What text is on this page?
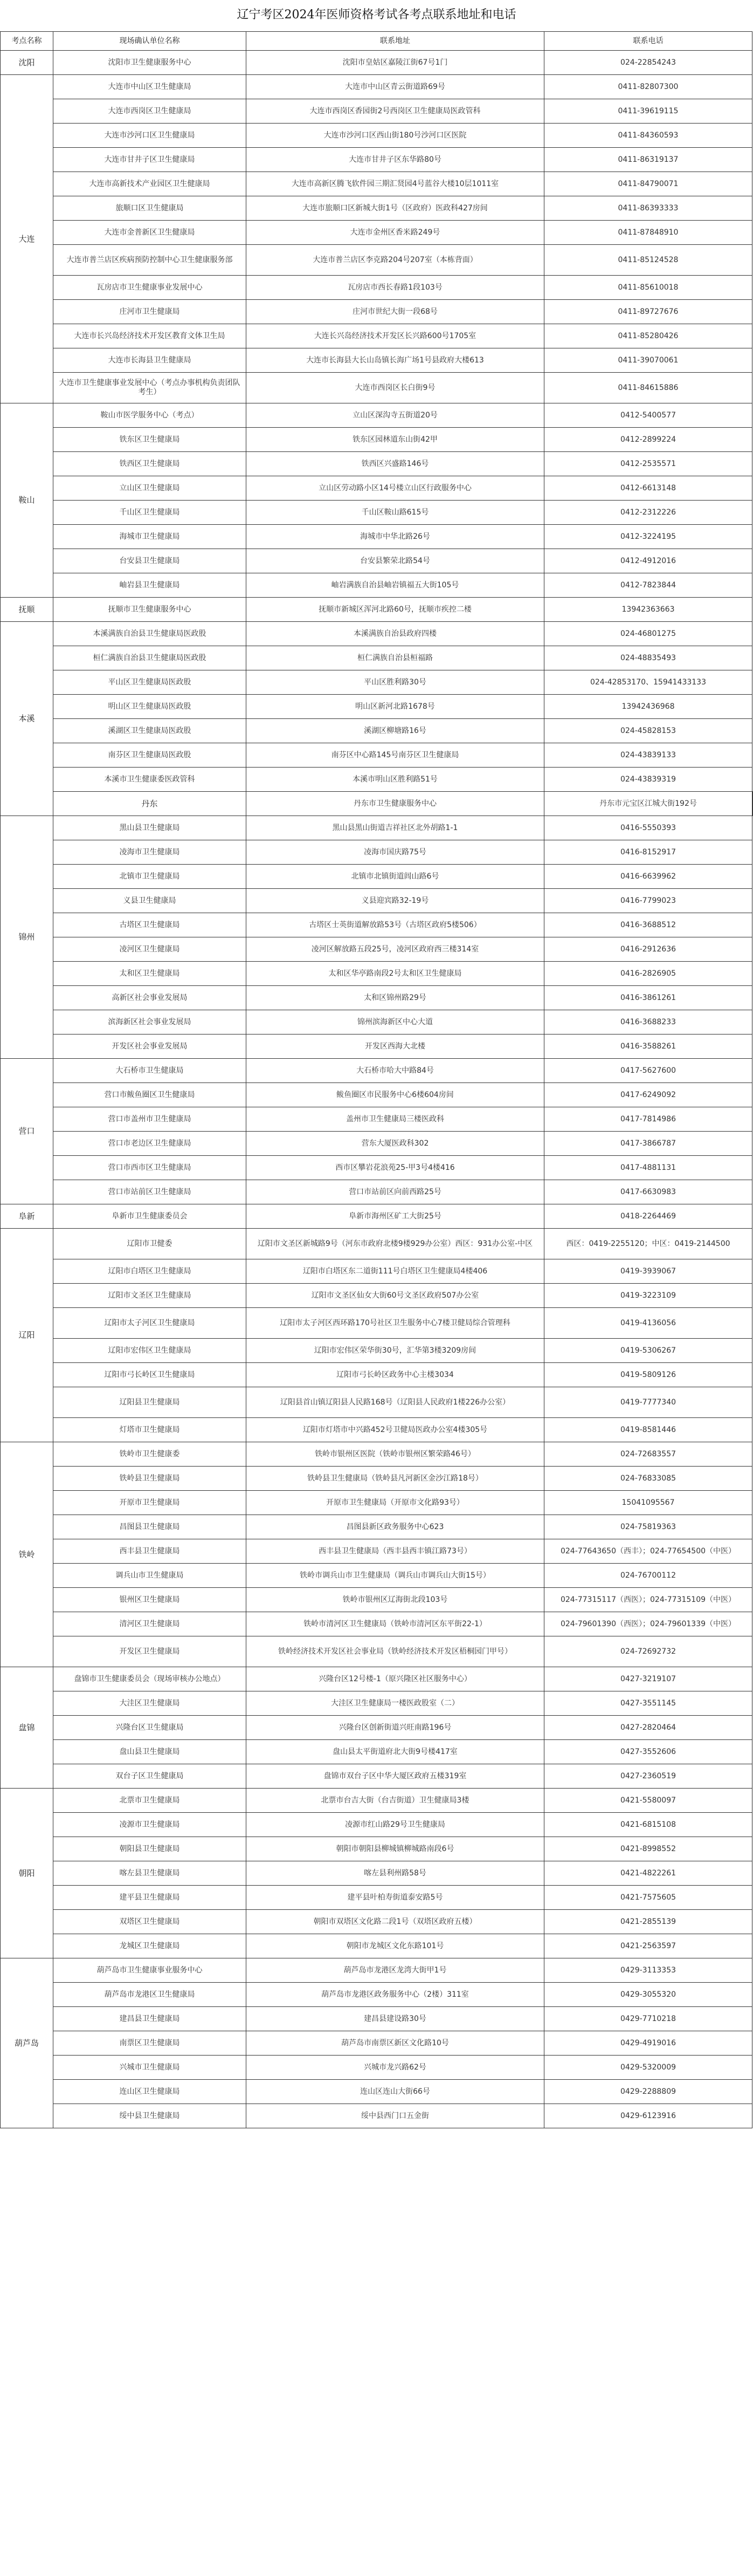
辽宁考区2024年医师资格考试各考点联系地址和电话
考点名称	现场确认单位名称	联系地址	联系电话	
沈阳	沈阳市卫生健康服务中心	沈阳市皇姑区嘉陵江街67号1门	024-22854243	
大连	大连市中山区卫生健康局	大连市中山区青云街道路69号	0411-82807300	
	大连市西岗区卫生健康局	大连市西岗区香园街2号西岗区卫生健康局医政管科	0411-39619115	
	大连市沙河口区卫生健康局	大连市沙河口区西山街180号沙河口区医院	0411-84360593	
	大连市甘井子区卫生健康局	大连市甘井子区东华路80号	0411-86319137	
	大连市高新技术产业园区卫生健康局	大连市高新区腾飞软件园三期汇贤园4号蓝谷大楼10层1011室	0411-84790071	
	旅顺口区卫生健康局	大连市旅顺口区新城大街1号（区政府）医政科427房间	0411-86393333	
	大连市金普新区卫生健康局	大连市金州区香米路249号	0411-87848910	
	大连市普兰店区疾病预防控制中心卫生健康服务部	大连市普兰店区李克路204号207室（本栋背面）	0411-85124528	
	瓦房店市卫生健康事业发展中心	瓦房店市西长春路1段103号	0411-85610018	
	庄河市卫生健康局	庄河市世纪大街一段68号	0411-89727676	
	大连市长兴岛经济技术开发区教育文体卫生局	大连长兴岛经济技术开发区长兴路600号1705室	0411-85280426	
	大连市长海县卫生健康局	大连市长海县大长山岛镇长海广场1号县政府大楼613	0411-39070061	
	大连市卫生健康事业发展中心（考点办事机构负责团队考生）	大连市西岗区长白街9号	0411-84615886	
鞍山	鞍山市医学服务中心（考点）	立山区深沟寺五街道20号	0412-5400577	
	铁东区卫生健康局	铁东区园林道东山街42甲	0412-2899224	
	铁西区卫生健康局	铁西区兴盛路146号	0412-2535571	
	立山区卫生健康局	立山区劳动路小区14号楼立山区行政服务中心	0412-6613148	
	千山区卫生健康局	千山区鞍山路615号	0412-2312226	
	海城市卫生健康局	海城市中华北路26号	0412-3224195	
	台安县卫生健康局	台安县繁荣北路54号	0412-4912016	
	岫岩县卫生健康局	岫岩满族自治县岫岩镇福五大街105号	0412-7823844	
抚顺	抚顺市卫生健康服务中心	抚顺市新城区浑河北路60号，抚顺市疾控二楼	13942363663	
本溪	本溪满族自治县卫生健康局医政股	本溪满族自治县政府四楼	024-46801275	
	桓仁满族自治县卫生健康局医政股	桓仁满族自治县桓福路	024-48835493	
	平山区卫生健康局医政股	平山区胜利路30号	024-42853170、15941433133	
	明山区卫生健康局医政股	明山区新河北路1678号	13942436968	
	溪湖区卫生健康局医政股	溪湖区柳塘路16号	024-45828153	
	南芬区卫生健康局医政股	南芬区中心路145号南芬区卫生健康局	024-43839133	
	本溪市卫生健康委医政管科	本溪市明山区胜利路51号	024-43839319	
	丹东	丹东市卫生健康服务中心	丹东市元宝区江城大街192号	
锦州	黑山县卫生健康局	黑山县黑山街道吉祥社区北外胡路1-1	0416-5550393	
	凌海市卫生健康局	凌海市国庆路75号	0416-8152917	
	北镇市卫生健康局	北镇市北镇街道闾山路6号	0416-6639962	
	义县卫生健康局	义县迎宾路32-19号	0416-7799023	
	古塔区卫生健康局	古塔区士英街道解放路53号（古塔区政府5楼506）	0416-3688512	
	凌河区卫生健康局	凌河区解放路五段25号，凌河区政府西三楼314室	0416-2912636	
	太和区卫生健康局	太和区华亭路南段2号太和区卫生健康局	0416-2826905	
	高新区社会事业发展局	太和区锦州路29号	0416-3861261	
	滨海新区社会事业发展局	锦州滨海新区中心大道	0416-3688233	
	开发区社会事业发展局	开发区西海大北楼	0416-3588261	
营口	大石桥市卫生健康局	大石桥市哈大中路84号	0417-5627600	
	营口市鲅鱼圈区卫生健康局	鲅鱼圈区市民服务中心6楼604房间	0417-6249092	
	营口市盖州市卫生健康局	盖州市卫生健康局三楼医政科	0417-7814986	
	营口市老边区卫生健康局	营东大厦医政科302	0417-3866787	
	营口市西市区卫生健康局	西市区攀岩花浪苑25-甲3号4楼416	0417-4881131	
	营口市站前区卫生健康局	营口市站前区向前西路25号	0417-6630983	
阜新	阜新市卫生健康委员会	阜新市海州区矿工大街25号	0418-2264469	
辽阳	辽阳市卫健委	辽阳市文圣区新城路9号（河东市政府北楼9楼929办公室）西区：931办公室-中区	西区：0419-2255120；中区：0419-2144500	
	辽阳市白塔区卫生健康局	辽阳市白塔区东二道街111号白塔区卫生健康局4楼406	0419-3939067	
	辽阳市文圣区卫生健康局	辽阳市文圣区仙女大街60号文圣区政府507办公室	0419-3223109	
	辽阳市太子河区卫生健康局	辽阳市太子河区西环路170号社区卫生服务中心7楼卫健局综合管理科	0419-4136056	
	辽阳市宏伟区卫生健康局	辽阳市宏伟区荣华街30号，汇华第3楼3209房间	0419-5306267	
	辽阳市弓长岭区卫生健康局	辽阳市弓长岭区政务中心主楼3034	0419-5809126	
	辽阳县卫生健康局	辽阳县首山镇辽阳县人民路168号（辽阳县人民政府1楼226办公室）	0419-7777340	
	灯塔市卫生健康局	辽阳市灯塔市中兴路452号卫健局医政办公室4楼305号	0419-8581446	
铁岭	铁岭市卫生健康委	铁岭市银州区医院（铁岭市银州区繁荣路46号）	024-72683557	
	铁岭县卫生健康局	铁岭县卫生健康局（铁岭县凡河新区金沙江路18号）	024-76833085	
	开原市卫生健康局	开原市卫生健康局（开原市文化路93号）	15041095567	
	昌图县卫生健康局	昌图县新区政务服务中心623	024-75819363	
	西丰县卫生健康局	西丰县卫生健康局（西丰县西丰镇江路73号）	024-77643650（西丰）；024-77654500（中医）	
	调兵山市卫生健康局	铁岭市调兵山市卫生健康局（调兵山市调兵山大街15号）	024-76700112	
	银州区卫生健康局	铁岭市银州区辽海街北段103号	024-77315117（西医）；024-77315109（中医）	
	清河区卫生健康局	铁岭市清河区卫生健康局（铁岭市清河区东平街22-1）	024-79601390（西医）；024-79601339（中医）	
	开发区卫生健康局	铁岭经济技术开发区社会事业局（铁岭经济技术开发区梧桐园门甲号）	024-72692732	
盘锦	盘锦市卫生健康委员会（现场审核办公地点）	兴隆台区12号楼-1（原兴隆区社区服务中心）	0427-3219107	
	大洼区卫生健康局	大洼区卫生健康局一楼医政股室（二）	0427-3551145	
	兴隆台区卫生健康局	兴隆台区创新街道兴旺南路196号	0427-2820464	
	盘山县卫生健康局	盘山县太平街道府北大街9号楼417室	0427-3552606	
	双台子区卫生健康局	盘锦市双台子区中华大厦区政府五楼319室	0427-2360519	
朝阳	北票市卫生健康局	北票市台吉大街（台吉街道）卫生健康局3楼	0421-5580097	
	凌源市卫生健康局	凌源市红山路29号卫生健康局	0421-6815108	
	朝阳县卫生健康局	朝阳市朝阳县柳城镇柳城路南段6号	0421-8998552	
	喀左县卫生健康局	喀左县利州路58号	0421-4822261	
	建平县卫生健康局	建平县叶柏寿街道泰安路5号	0421-7575605	
	双塔区卫生健康局	朝阳市双塔区文化路二段1号（双塔区政府五楼）	0421-2855139	
	龙城区卫生健康局	朝阳市龙城区文化东路101号	0421-2563597	
葫芦岛	葫芦岛市卫生健康事业服务中心	葫芦岛市龙港区龙湾大街甲1号	0429-3113353	
	葫芦岛市龙港区卫生健康局	葫芦岛市龙港区政务服务中心（2楼）311室	0429-3055320	
	建昌县卫生健康局	建昌县建设路30号	0429-7710218	
	南票区卫生健康局	葫芦岛市南票区新区文化路10号	0429-4919016	
	兴城市卫生健康局	兴城市龙兴路62号	0429-5320009	
	连山区卫生健康局	连山区连山大街66号	0429-2288809	
	绥中县卫生健康局	绥中县西门口五金街	0429-6123916	
